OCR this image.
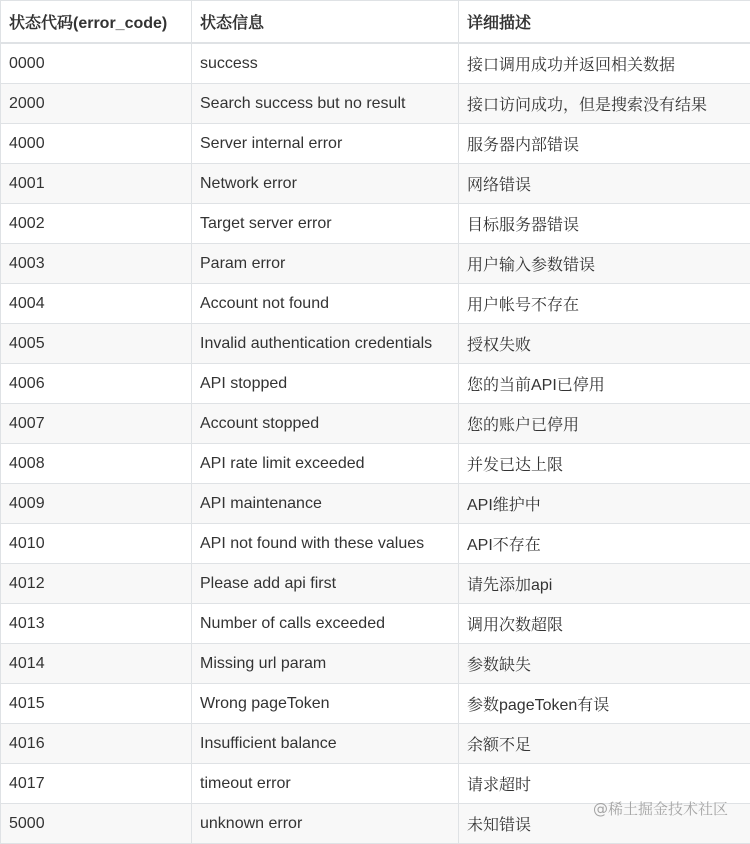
状态代码(error_code)	状态信息	详细描述
0000	success	接口调用成功并返回相关数据
2000	Search success but no result	接口访问成功，但是搜索没有结果
4000	Server internal error	服务器内部错误
4001	Network error	网络错误
4002	Target server error	目标服务器错误
4003	Param error	用户输入参数错误
4004	Account not found	用户帐号不存在
4005	Invalid authentication credentials	授权失败
4006	API stopped	您的当前API已停用
4007	Account stopped	您的账户已停用
4008	API rate limit exceeded	并发已达上限
4009	API maintenance	API维护中
4010	API not found with these values	API不存在
4012	Please add api first	请先添加api
4013	Number of calls exceeded	调用次数超限
4014	Missing url param	参数缺失
4015	Wrong pageToken	参数pageToken有误
4016	Insufficient balance	余额不足
4017	timeout error	请求超时
5000	unknown error	未知错误
@稀土掘金技术社区
